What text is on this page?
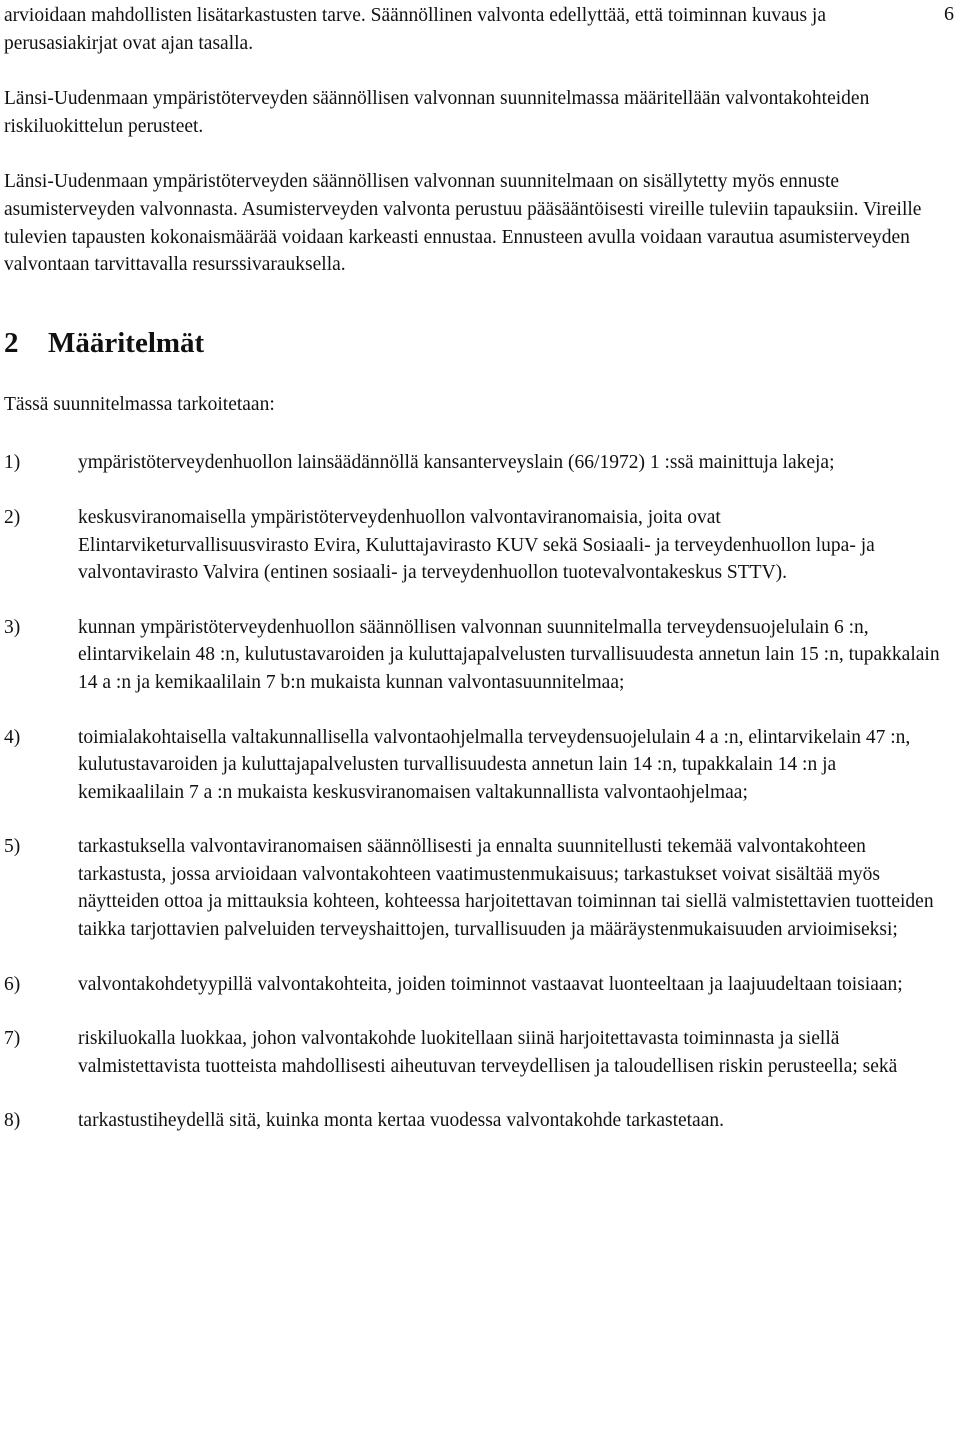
6

arvioidaan mahdollisten lisätarkastusten tarve. Säännöllinen valvonta edellyttää, että toiminnan kuvaus ja perusasiakirjat ovat ajan tasalla.

Länsi-Uudenmaan ympäristöterveyden säännöllisen valvonnan suunnitelmassa määritellään valvontakohteiden riskiluokittelun perusteet.

Länsi-Uudenmaan ympäristöterveyden säännöllisen valvonnan suunnitelmaan on sisällytetty myös ennuste asumisterveyden valvonnasta. Asumisterveyden valvonta perustuu pääsääntöisesti vireille tuleviin tapauksiin. Vireille tulevien tapausten kokonaismäärää voidaan karkeasti ennustaa. Ennusteen avulla voidaan varautua asumisterveyden valvontaan tarvittavalla resurssivarauksella.

2 Määritelmät

Tässä suunnitelmassa tarkoitetaan:

1)	ympäristöterveydenhuollon lainsäädännöllä kansanterveyslain (66/1972) 1 :ssä mainittuja lakeja;
2)	keskusviranomaisella ympäristöterveydenhuollon valvontaviranomaisia, joita ovat Elintarviketurvallisuusvirasto Evira, Kuluttajavirasto KUV sekä Sosiaali- ja terveydenhuollon lupa- ja valvontavirasto Valvira (entinen sosiaali- ja terveydenhuollon tuotevalvontakeskus STTV).
3)	kunnan ympäristöterveydenhuollon säännöllisen valvonnan suunnitelmalla terveydensuojelulain 6 :n, elintarvikelain 48 :n, kulutustavaroiden ja kuluttajapalvelusten turvallisuudesta annetun lain 15 :n, tupakkalain 14 a :n ja kemikaalilain 7 b:n mukaista kunnan valvontasuunnitelmaa;
4)	toimialakohtaisella valtakunnallisella valvontaohjelmalla terveydensuojelulain 4 a :n, elintarvikelain 47 :n, kulutustavaroiden ja kuluttajapalvelusten turvallisuudesta annetun lain 14 :n, tupakkalain 14 :n ja kemikaalilain 7 a :n mukaista keskusviranomaisen valtakunnallista valvontaohjelmaa;
5)	tarkastuksella valvontaviranomaisen säännöllisesti ja ennalta suunnitellusti tekemää valvontakohteen tarkastusta, jossa arvioidaan valvontakohteen vaatimustenmukaisuus; tarkastukset voivat sisältää myös näytteiden ottoa ja mittauksia kohteen, kohteessa harjoitettavan toiminnan tai siellä valmistettavien tuotteiden taikka tarjottavien palveluiden terveyshaittojen, turvallisuuden ja määräystenmukaisuuden arvioimiseksi;
6)	valvontakohdetyypillä valvontakohteita, joiden toiminnot vastaavat luonteeltaan ja laajuudeltaan toisiaan;
7)	riskiluokalla luokkaa, johon valvontakohde luokitellaan siinä harjoitettavasta toiminnasta ja siellä valmistettavista tuotteista mahdollisesti aiheutuvan terveydellisen ja taloudellisen riskin perusteella; sekä
8)	tarkastustiheydellä sitä, kuinka monta kertaa vuodessa valvontakohde tarkastetaan.
